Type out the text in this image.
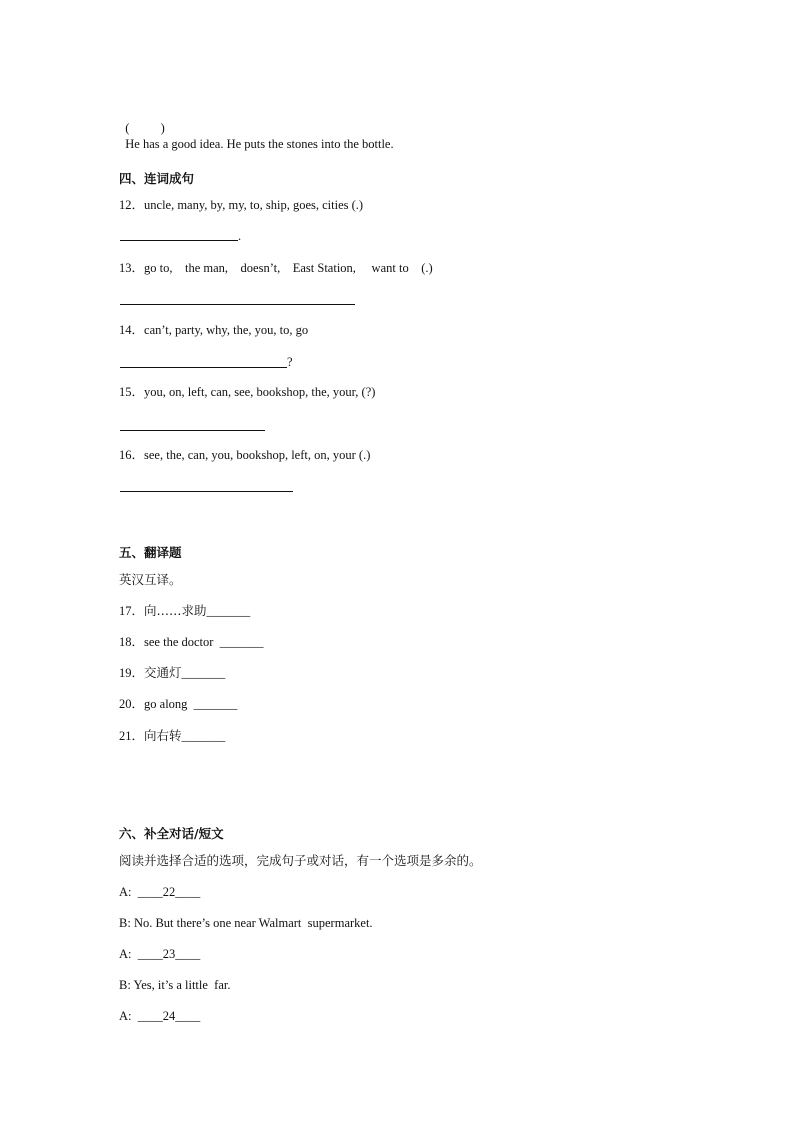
(          )
He has a good idea. He puts the stones into the bottle.

四、连词成句
12．uncle, many, by, my, to, ship, goes, cities (.)
.
13．go to,    the man,    doesn’t,    East Station,     want to    (.)
14．can’t, party, why, the, you, to, go
?
15．you, on, left, can, see, bookshop, the, your, (?)
16．see, the, can, you, bookshop, left, on, your (.)
五、翻译题
英汉互译。
17．向……求助_______
18．see the doctor  _______
19．交通灯_______
20．go along  _______
21．向右转_______
六、补全对话/短文
阅读并选择合适的选项，完成句子或对话，有一个选项是多余的。
A: ____22____
B: No. But there’s one near Walmart  supermarket.
A: ____23____
B: Yes, it’s a little  far.
A: ____24____
